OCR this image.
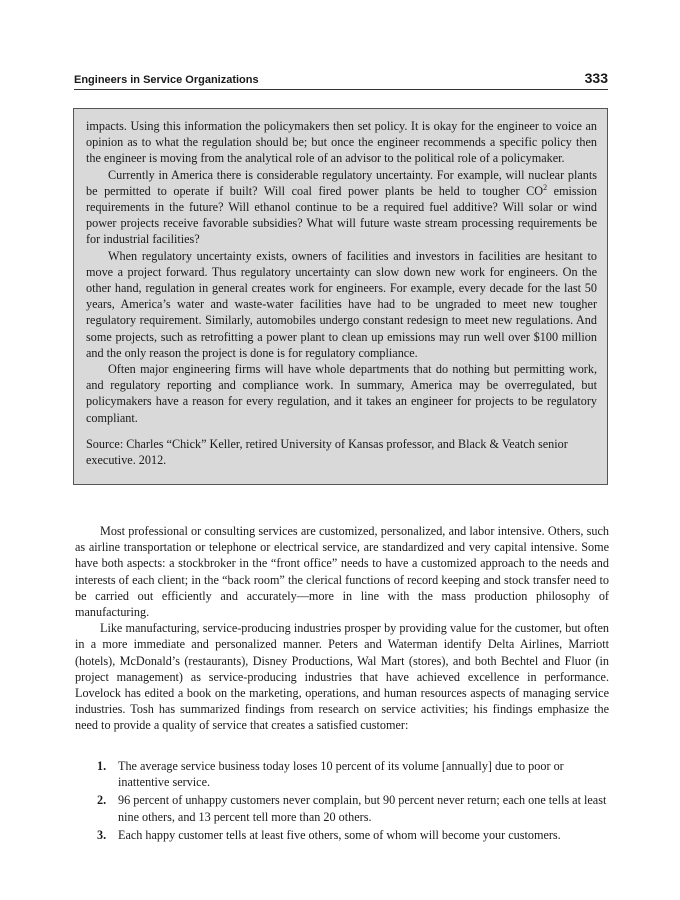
Engineers in Service Organizations	333

impacts. Using this information the policymakers then set policy. It is okay for the engineer to voice an opinion as to what the regulation should be; but once the engineer recommends a specific policy then the engineer is moving from the analytical role of an advisor to the political role of a policymaker.

Currently in America there is considerable regulatory uncertainty. For example, will nuclear plants be permitted to operate if built? Will coal fired power plants be held to tougher $CO^2$ emission requirements in the future? Will ethanol continue to be a required fuel additive? Will solar or wind power projects receive favorable subsidies? What will future waste stream processing requirements be for industrial facilities?

When regulatory uncertainty exists, owners of facilities and investors in facilities are hesitant to move a project forward. Thus regulatory uncertainty can slow down new work for engineers. On the other hand, regulation in general creates work for engineers. For example, every decade for the last 50 years, America’s water and waste-water facilities have had to be ungraded to meet new tougher regulatory requirement. Similarly, automobiles undergo constant redesign to meet new regulations. And some projects, such as retrofitting a power plant to clean up emissions may run well over $100 million and the only reason the project is done is for regulatory compliance.

Often major engineering firms will have whole departments that do nothing but permitting work, and regulatory reporting and compliance work. In summary, America may be overregulated, but policymakers have a reason for every regulation, and it takes an engineer for projects to be regulatory compliant.

Source: Charles “Chick” Keller, retired University of Kansas professor, and Black & Veatch senior executive. 2012.

Most professional or consulting services are customized, personalized, and labor intensive. Others, such as airline transportation or telephone or electrical service, are standardized and very capital intensive. Some have both aspects: a stockbroker in the “front office” needs to have a customized approach to the needs and interests of each client; in the “back room” the clerical functions of record keeping and stock transfer need to be carried out efficiently and accurately—more in line with the mass production philosophy of manufacturing.

Like manufacturing, service-producing industries prosper by providing value for the customer, but often in a more immediate and personalized manner. Peters and Waterman identify Delta Airlines, Marriott (hotels), McDonald’s (restaurants), Disney Productions, Wal Mart (stores), and both Bechtel and Fluor (in project management) as service-producing industries that have achieved excellence in performance. Lovelock has edited a book on the marketing, operations, and human resources aspects of managing service industries. Tosh has summarized findings from research on service activities; his findings emphasize the need to provide a quality of service that creates a satisfied customer:

1. The average service business today loses 10 percent of its volume [annually] due to poor or inattentive service.
2. 96 percent of unhappy customers never complain, but 90 percent never return; each one tells at least nine others, and 13 percent tell more than 20 others.
3. Each happy customer tells at least five others, some of whom will become your customers.
